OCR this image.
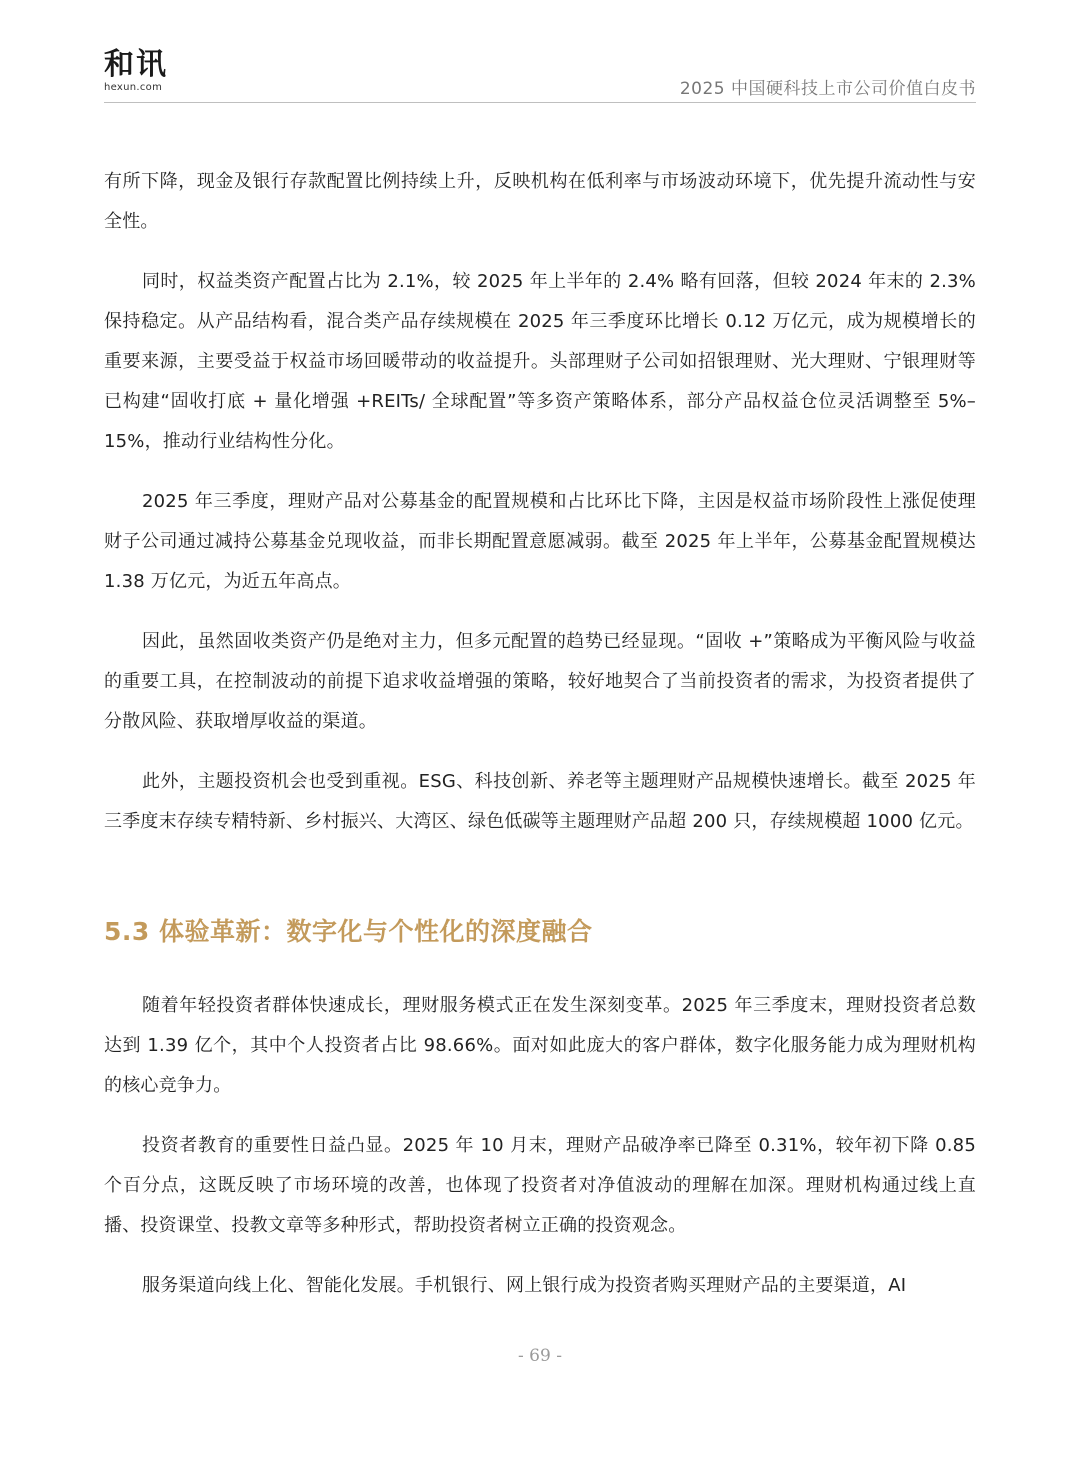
和讯
hexun.com	2025 中国硬科技上市公司价值白皮书

有所下降，现金及银行存款配置比例持续上升，反映机构在低利率与市场波动环境下，优先提升流动性与安全性。

同时，权益类资产配置占比为 2.1%，较 2025 年上半年的 2.4% 略有回落，但较 2024 年末的 2.3% 保持稳定。从产品结构看，混合类产品存续规模在 2025 年三季度环比增长 0.12 万亿元，成为规模增长的重要来源，主要受益于权益市场回暖带动的收益提升。头部理财子公司如招银理财、光大理财、宁银理财等已构建“固收打底 + 量化增强 +REITs/ 全球配置”等多资产策略体系，部分产品权益仓位灵活调整至 5%–15%，推动行业结构性分化。

2025 年三季度，理财产品对公募基金的配置规模和占比环比下降，主因是权益市场阶段性上涨促使理财子公司通过减持公募基金兑现收益，而非长期配置意愿减弱。截至 2025 年上半年，公募基金配置规模达 1.38 万亿元，为近五年高点。

因此，虽然固收类资产仍是绝对主力，但多元配置的趋势已经显现。“固收 +”策略成为平衡风险与收益的重要工具，在控制波动的前提下追求收益增强的策略，较好地契合了当前投资者的需求，为投资者提供了分散风险、获取增厚收益的渠道。

此外，主题投资机会也受到重视。ESG、科技创新、养老等主题理财产品规模快速增长。截至 2025 年三季度末存续专精特新、乡村振兴、大湾区、绿色低碳等主题理财产品超 200 只，存续规模超 1000 亿元。

5.3 体验革新：数字化与个性化的深度融合

随着年轻投资者群体快速成长，理财服务模式正在发生深刻变革。2025 年三季度末，理财投资者总数达到 1.39 亿个，其中个人投资者占比 98.66%。面对如此庞大的客户群体，数字化服务能力成为理财机构的核心竞争力。

投资者教育的重要性日益凸显。2025 年 10 月末，理财产品破净率已降至 0.31%，较年初下降 0.85 个百分点，这既反映了市场环境的改善，也体现了投资者对净值波动的理解在加深。理财机构通过线上直播、投资课堂、投教文章等多种形式，帮助投资者树立正确的投资观念。

服务渠道向线上化、智能化发展。手机银行、网上银行成为投资者购买理财产品的主要渠道，AI

- 69 -
